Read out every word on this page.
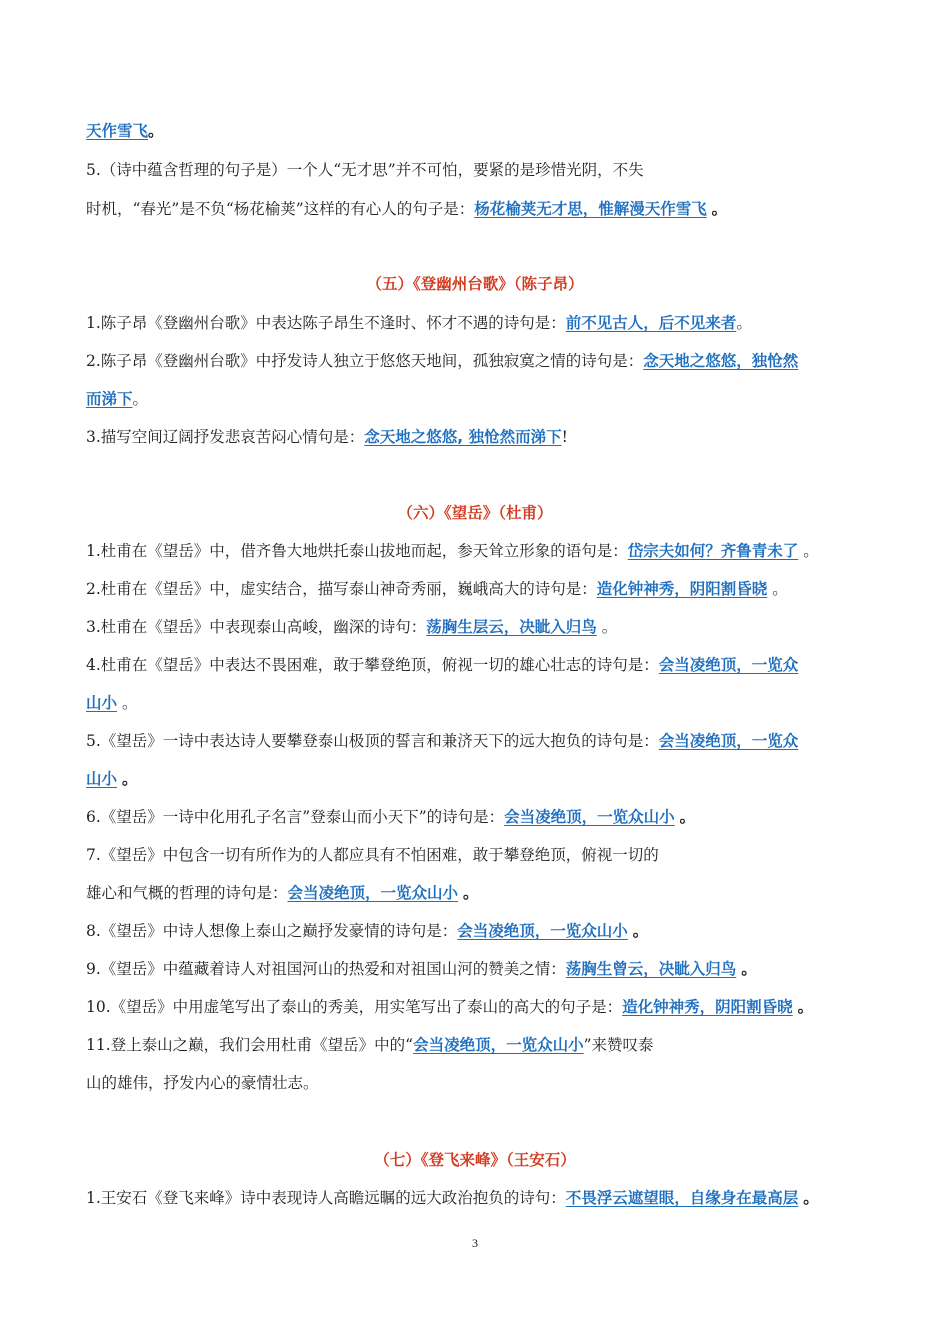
天作雪飞。
5.（诗中蕴含哲理的句子是）一个人“无才思”并不可怕，要紧的是珍惜光阴，不失
时机，“春光”是不负“杨花榆荚”这样的有心人的句子是：杨花榆荚无才思，惟解漫天作雪飞 。
（五）《登幽州台歌》（陈子昂）
1.陈子昂《登幽州台歌》中表达陈子昂生不逢时、怀才不遇的诗句是：前不见古人，后不见来者。
2.陈子昂《登幽州台歌》中抒发诗人独立于悠悠天地间，孤独寂寞之情的诗句是：念天地之悠悠，独怆然
而涕下。
3.描写空间辽阔抒发悲哀苦闷心情句是：念天地之悠悠, 独怆然而涕下!
（六）《望岳》（杜甫）
1.杜甫在《望岳》中，借齐鲁大地烘托泰山拔地而起，参天耸立形象的语句是：岱宗夫如何？齐鲁青未了 。
2.杜甫在《望岳》中，虚实结合，描写泰山神奇秀丽，巍峨高大的诗句是：造化钟神秀，阴阳割昏晓 。
3.杜甫在《望岳》中表现泰山高峻，幽深的诗句：荡胸生层云，决眦入归鸟 。
4.杜甫在《望岳》中表达不畏困难，敢于攀登绝顶，俯视一切的雄心壮志的诗句是：会当凌绝顶，一览众
山小 。
5.《望岳》一诗中表达诗人要攀登泰山极顶的誓言和兼济天下的远大抱负的诗句是：会当凌绝顶，一览众
山小 。
6.《望岳》一诗中化用孔子名言”登泰山而小天下”的诗句是：会当凌绝顶，一览众山小 。
7.《望岳》中包含一切有所作为的人都应具有不怕困难，敢于攀登绝顶，俯视一切的
雄心和气概的哲理的诗句是：会当凌绝顶，一览众山小 。
8.《望岳》中诗人想像上泰山之巅抒发豪情的诗句是：会当凌绝顶，一览众山小 。
9.《望岳》中蕴藏着诗人对祖国河山的热爱和对祖国山河的赞美之情：荡胸生曾云，决眦入归鸟 。
10.《望岳》中用虚笔写出了泰山的秀美，用实笔写出了泰山的高大的句子是：造化钟神秀，阴阳割昏晓 。
11.登上泰山之巅，我们会用杜甫《望岳》中的“会当凌绝顶，一览众山小”来赞叹泰
山的雄伟，抒发内心的豪情壮志。
（七）《登飞来峰》（王安石）
1.王安石《登飞来峰》诗中表现诗人高瞻远瞩的远大政治抱负的诗句：不畏浮云遮望眼，自缘身在最高层 。
3
